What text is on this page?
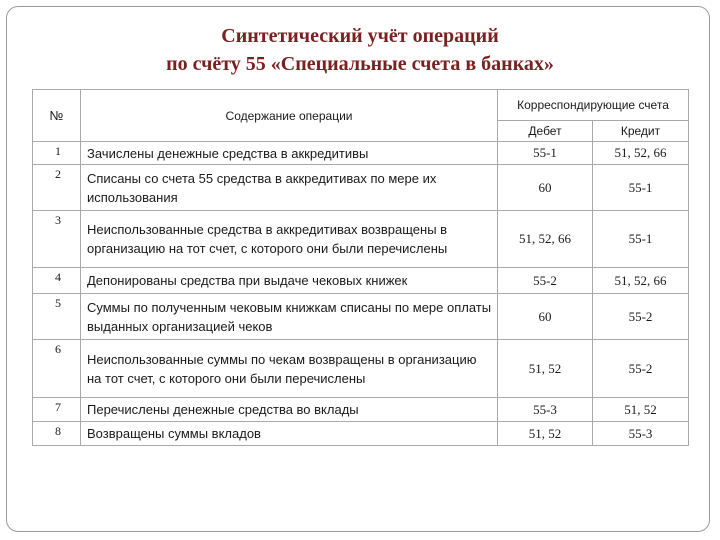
Синтетический учёт операций
по счёту 55 «Специальные счета в банках»
№	Содержание операции	Корреспондирующие счета	
		Дебет	Кредит
1	Зачислены денежные средства в аккредитивы	55-1	51, 52, 66
2	Списаны со счета 55 средства в аккредитивах по мере их использования	60	55-1
3	Неиспользованные средства в аккредитивах возвращены в организацию на тот счет, с которого они были перечислены	51, 52, 66	55-1
4	Депонированы средства при выдаче чековых книжек	55-2	51, 52, 66
5	Суммы по полученным чековым книжкам списаны по мере оплаты выданных организацией чеков	60	55-2
6	Неиспользованные суммы по чекам возвращены в организацию на тот счет, с которого они были перечислены	51, 52	55-2
7	Перечислены денежные средства во вклады	55-3	51, 52
8	Возвращены суммы вкладов	51, 52	55-3
